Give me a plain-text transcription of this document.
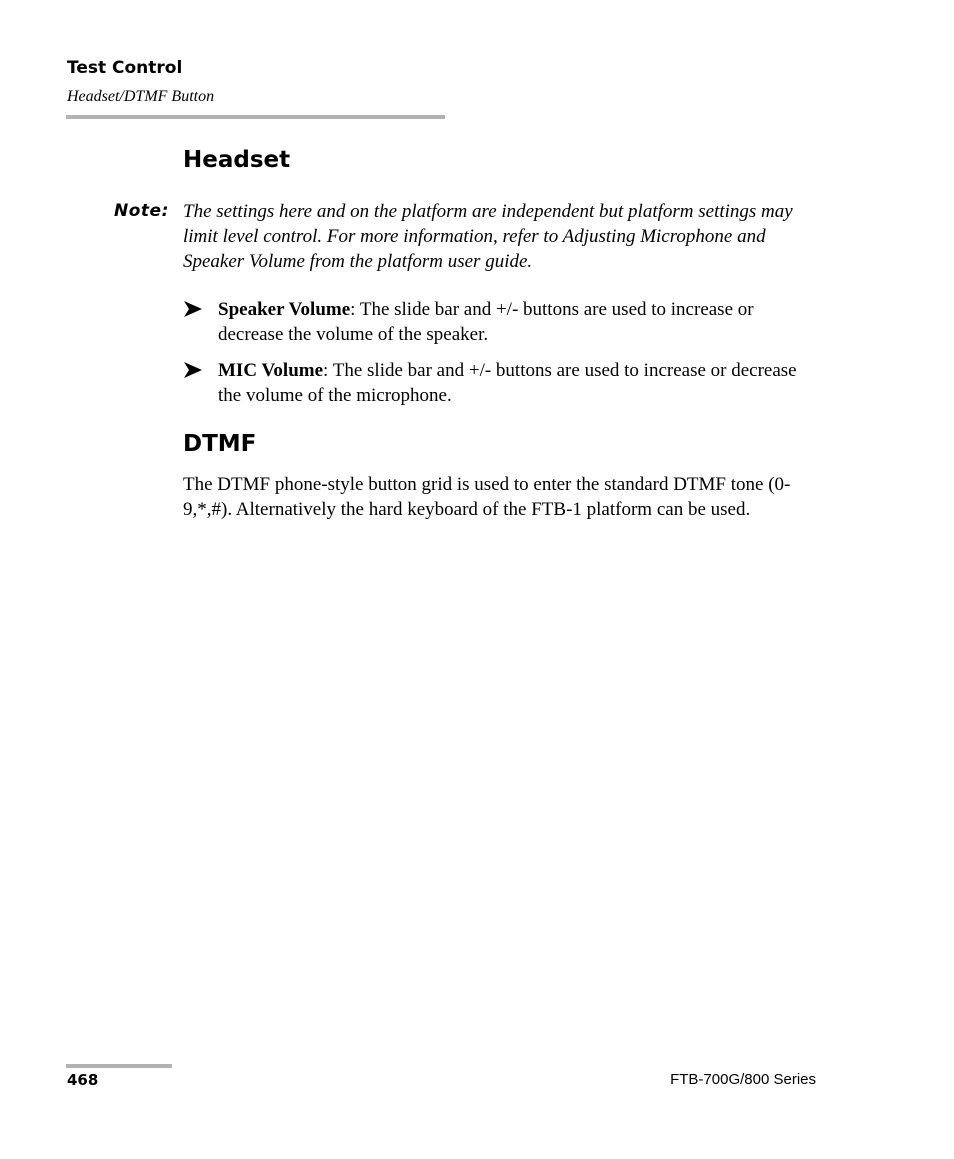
Test Control
Headset/DTMF Button
Headset
Note: The settings here and on the platform are independent but platform settings may limit level control. For more information, refer to Adjusting Microphone and Speaker Volume from the platform user guide.
Speaker Volume: The slide bar and +/- buttons are used to increase or decrease the volume of the speaker.
MIC Volume: The slide bar and +/- buttons are used to increase or decrease the volume of the microphone.
DTMF
The DTMF phone-style button grid is used to enter the standard DTMF tone (0-9,*,#). Alternatively the hard keyboard of the FTB-1 platform can be used.
468	FTB-700G/800 Series
